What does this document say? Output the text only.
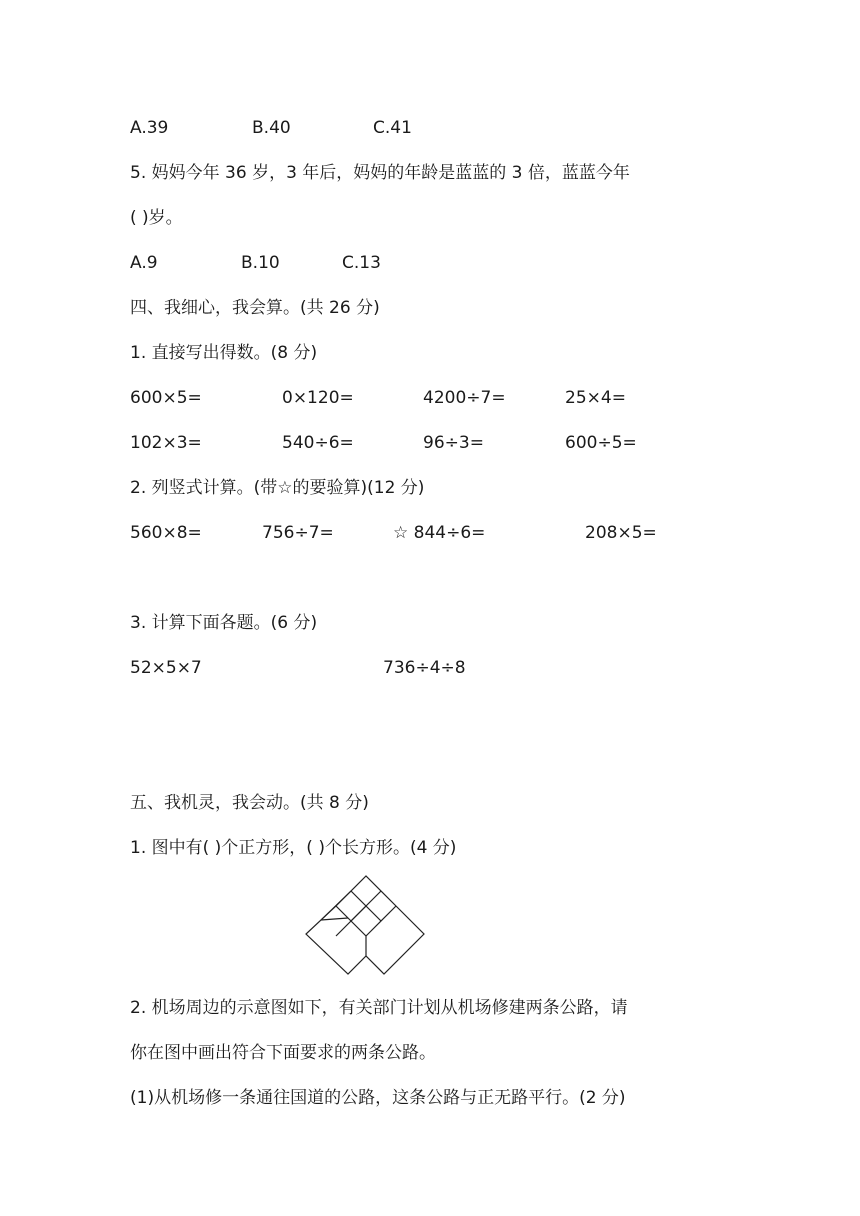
A.39	B.40	C.41
5. 妈妈今年 36 岁，3 年后，妈妈的年龄是蓝蓝的 3 倍，蓝蓝今年
( )岁。
A.9	B.10	C.13
四、我细心，我会算。(共 26 分)
1. 直接写出得数。(8 分)
600×5=	0×120=	4200÷7=	25×4=
102×3=	540÷6=	96÷3=	600÷5=
2. 列竖式计算。(带☆的要验算)(12 分)
560×8=	756÷7=	☆ 844÷6=	208×5=
3. 计算下面各题。(6 分)
52×5×7	736÷4÷8
五、我机灵，我会动。(共 8 分)
1. 图中有( )个正方形，( )个长方形。(4 分)
2. 机场周边的示意图如下，有关部门计划从机场修建两条公路，请
你在图中画出符合下面要求的两条公路。
(1)从机场修一条通往国道的公路，这条公路与正无路平行。(2 分)
